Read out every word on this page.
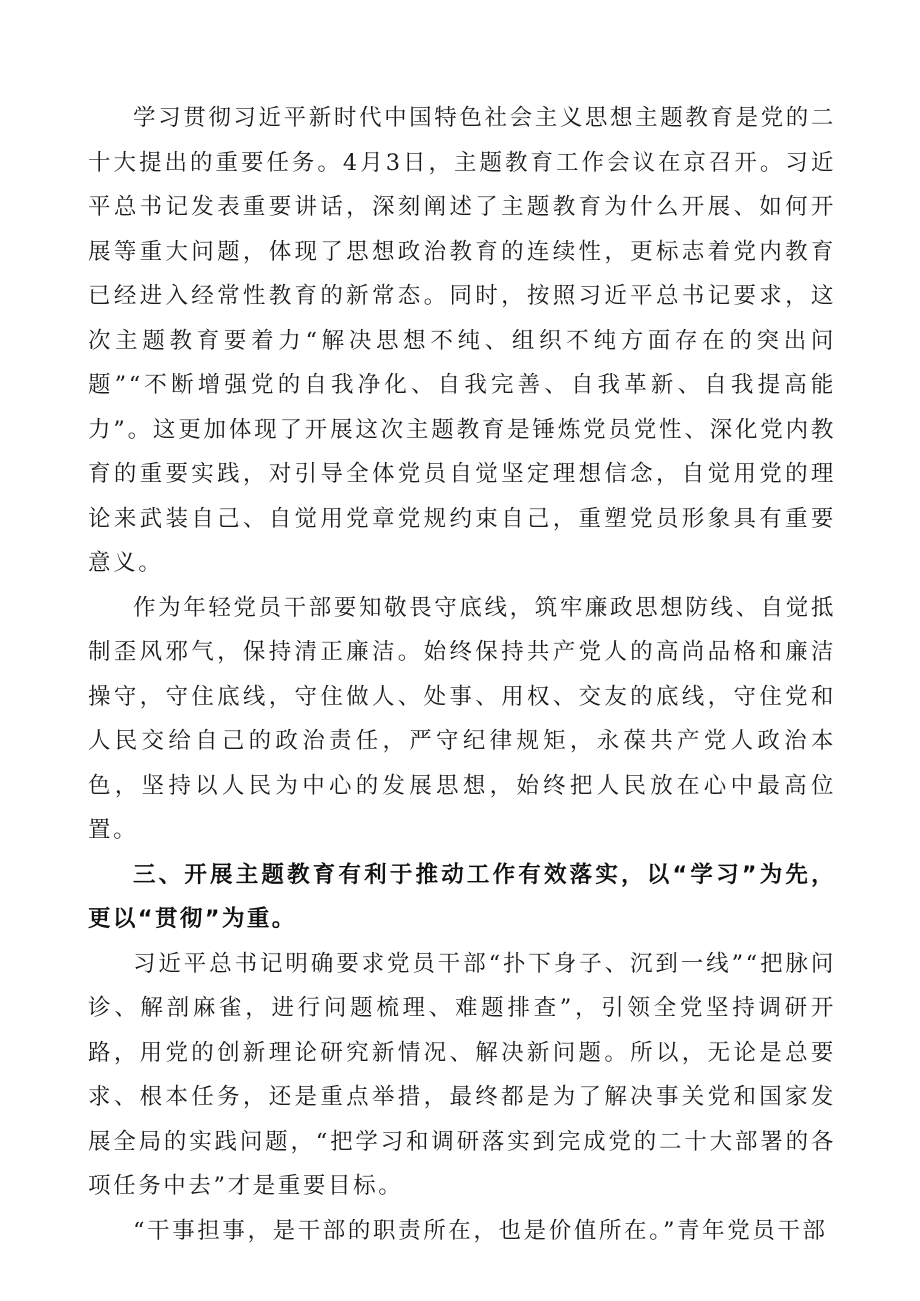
学习贯彻习近平新时代中国特色社会主义思想主题教育是党的二十大提出的重要任务。4月3日，主题教育工作会议在京召开。习近平总书记发表重要讲话，深刻阐述了主题教育为什么开展、如何开展等重大问题，体现了思想政治教育的连续性，更标志着党内教育已经进入经常性教育的新常态。同时，按照习近平总书记要求，这次主题教育要着力“解决思想不纯、组织不纯方面存在的突出问题”“不断增强党的自我净化、自我完善、自我革新、自我提高能力”。这更加体现了开展这次主题教育是锤炼党员党性、深化党内教育的重要实践，对引导全体党员自觉坚定理想信念，自觉用党的理论来武装自己、自觉用党章党规约束自己，重塑党员形象具有重要意义。

作为年轻党员干部要知敬畏守底线，筑牢廉政思想防线、自觉抵制歪风邪气，保持清正廉洁。始终保持共产党人的高尚品格和廉洁操守，守住底线，守住做人、处事、用权、交友的底线，守住党和人民交给自己的政治责任，严守纪律规矩，永葆共产党人政治本色，坚持以人民为中心的发展思想，始终把人民放在心中最高位置。

三、开展主题教育有利于推动工作有效落实，以“学习”为先，更以“贯彻”为重。

习近平总书记明确要求党员干部“扑下身子、沉到一线”“把脉问诊、解剖麻雀，进行问题梳理、难题排查”，引领全党坚持调研开路，用党的创新理论研究新情况、解决新问题。所以，无论是总要求、根本任务，还是重点举措，最终都是为了解决事关党和国家发展全局的实践问题，“把学习和调研落实到完成党的二十大部署的各项任务中去”才是重要目标。

“干事担事，是干部的职责所在，也是价值所在。”青年党员干部
